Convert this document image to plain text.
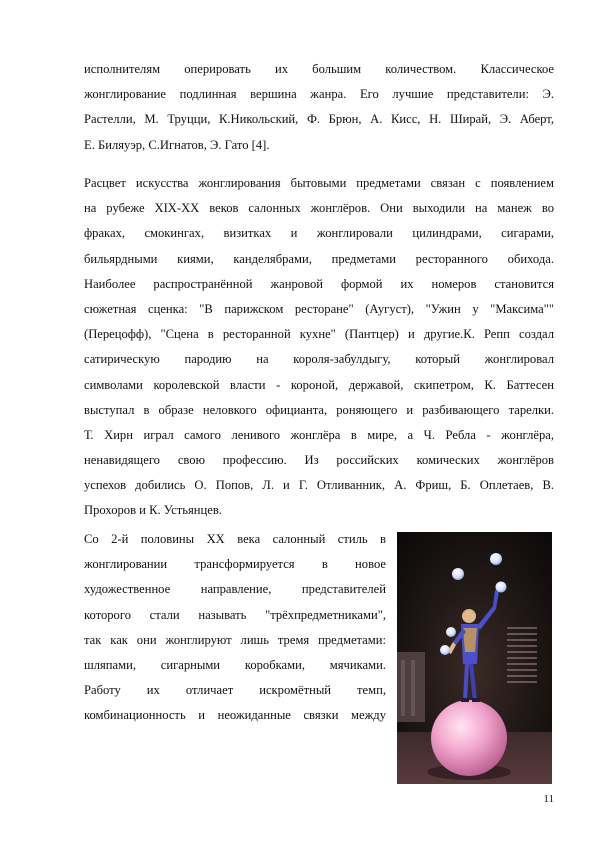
исполнителям оперировать их большим количеством. Классическое
жонглирование подлинная вершина жанра. Его лучшие представители: Э.
Растелли, М. Труцци, К.Никольский, Ф. Брюн, А. Кисс, Н. Ширай, Э. Аберт,
Е. Биляуэр, С.Игнатов, Э. Гато [4].
Расцвет искусства жонглирования бытовыми предметами связан с появлением
на рубеже XIX-XX веков салонных жонглёров. Они выходили на манеж во
фраках, смокингах, визитках и жонглировали цилиндрами, сигарами,
бильярдными киями, канделябрами, предметами ресторанного обихода.
Наиболее распространённой жанровой формой их номеров становится
сюжетная сценка: "В парижском ресторане" (Аугуст), "Ужин у "Максима""
(Перецофф), "Сцена в ресторанной кухне" (Пантцер) и другие.К. Репп создал
сатирическую пародию на короля-забулдыгу, который жонглировал
символами королевской власти - короной, державой, скипетром, К. Баттесен
выступал в образе неловкого официанта, роняющего и разбивающего тарелки.
Т. Хирн играл самого ленивого жонглёра в мире, а Ч. Ребла - жонглёра,
ненавидящего свою профессию. Из российских комических жонглёров
успехов добились О. Попов, Л. и Г. Отливанник, А. Фриш, Б. Оплетаев, В.
Прохоров и К. Устьянцев.
Со 2-й половины XX века салонный стиль в
жонглировании трансформируется в новое
художественное направление, представителей
которого стали называть "трёхпредметниками",
так как они жонглируют лишь тремя предметами:
шляпами, сигарными коробками, мячиками.
Работу их отличает искромётный темп,
комбинационность и неожиданные связки между
11
